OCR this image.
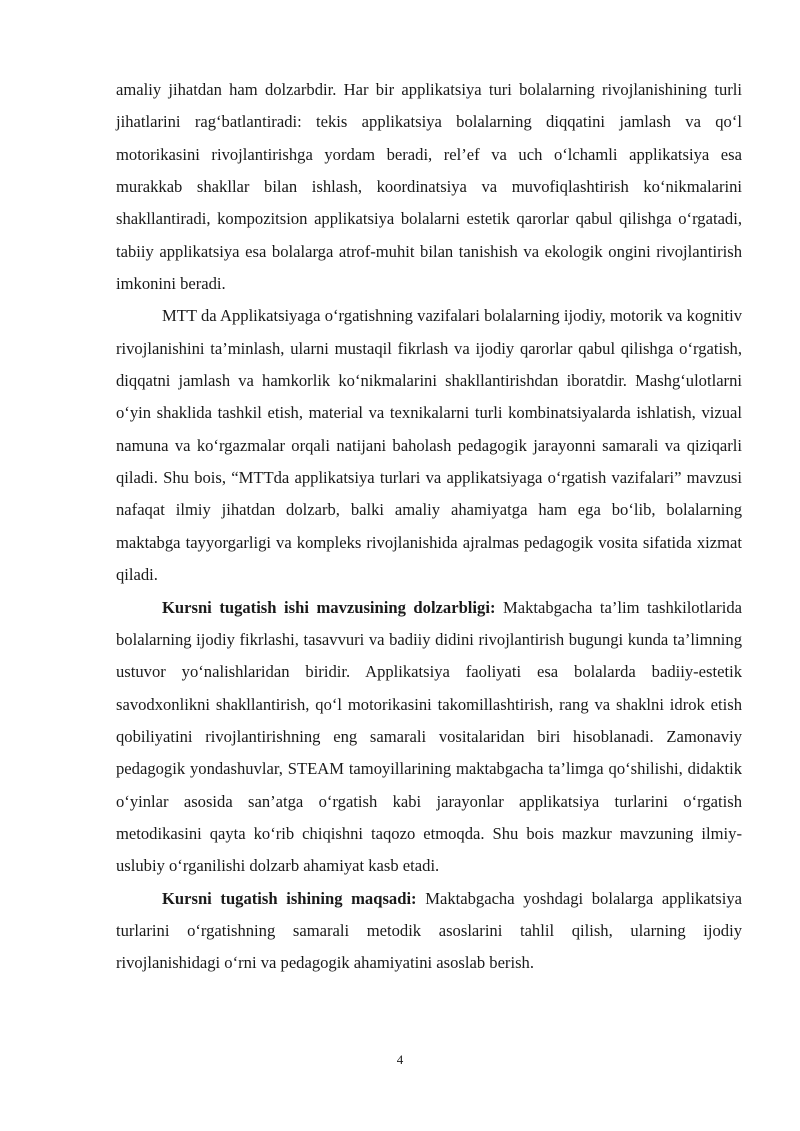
amaliy jihatdan ham dolzarbdir. Har bir applikatsiya turi bolalarning rivojlanishining turli jihatlarini rag‘batlantiradi: tekis applikatsiya bolalarning diqqatini jamlash va qo‘l motorikasini rivojlantirishga yordam beradi, rel’ef va uch o‘lchamli applikatsiya esa murakkab shakllar bilan ishlash, koordinatsiya va muvofiqlashtirish ko‘nikmalarini shakllantiradi, kompozitsion applikatsiya bolalarni estetik qarorlar qabul qilishga o‘rgatadi, tabiiy applikatsiya esa bolalarga atrof-muhit bilan tanishish va ekologik ongini rivojlantirish imkonini beradi.

MTT da Applikatsiyaga o‘rgatishning vazifalari bolalarning ijodiy, motorik va kognitiv rivojlanishini ta’minlash, ularni mustaqil fikrlash va ijodiy qarorlar qabul qilishga o‘rgatish, diqqatni jamlash va hamkorlik ko‘nikmalarini shakllantirishdan iboratdir. Mashg‘ulotlarni o‘yin shaklida tashkil etish, material va texnikalarni turli kombinatsiyalarda ishlatish, vizual namuna va ko‘rgazmalar orqali natijani baholash pedagogik jarayonni samarali va qiziqarli qiladi. Shu bois, “MTTda applikatsiya turlari va applikatsiyaga o‘rgatish vazifalari” mavzusi nafaqat ilmiy jihatdan dolzarb, balki amaliy ahamiyatga ham ega bo‘lib, bolalarning maktabga tayyorgarligi va kompleks rivojlanishida ajralmas pedagogik vosita sifatida xizmat qiladi.

Kursni tugatish ishi mavzusining dolzarbligi: Maktabgacha ta’lim tashkilotlarida bolalarning ijodiy fikrlashi, tasavvuri va badiiy didini rivojlantirish bugungi kunda ta’limning ustuvor yo‘nalishlaridan biridir. Applikatsiya faoliyati esa bolalarda badiiy-estetik savodxonlikni shakllantirish, qo‘l motorikasini takomillashtirish, rang va shaklni idrok etish qobiliyatini rivojlantirishning eng samarali vositalaridan biri hisoblanadi. Zamonaviy pedagogik yondashuvlar, STEAM tamoyillarining maktabgacha ta’limga qo‘shilishi, didaktik o‘yinlar asosida san’atga o‘rgatish kabi jarayonlar applikatsiya turlarini o‘rgatish metodikasini qayta ko‘rib chiqishni taqozo etmoqda. Shu bois mazkur mavzuning ilmiy-uslubiy o‘rganilishi dolzarb ahamiyat kasb etadi.

Kursni tugatish ishining maqsadi: Maktabgacha yoshdagi bolalarga applikatsiya turlarini o‘rgatishning samarali metodik asoslarini tahlil qilish, ularning ijodiy rivojlanishidagi o‘rni va pedagogik ahamiyatini asoslab berish.

4
